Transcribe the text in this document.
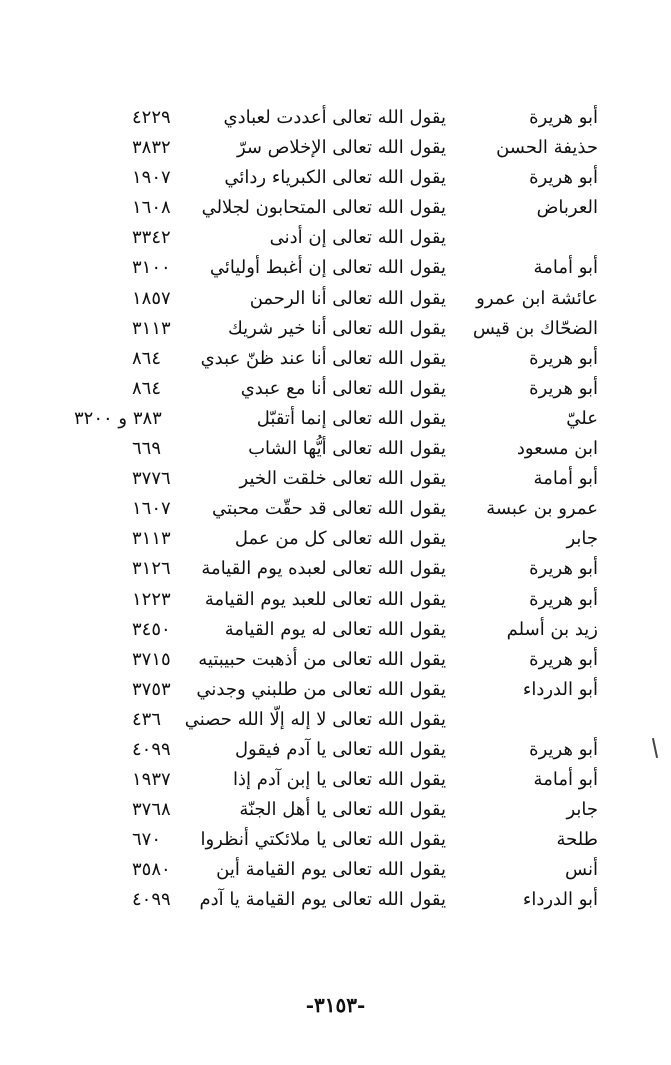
أبو هريرة
يقول الله تعالى أعددت لعبادي
٤٢٢٩
حذيفة الحسن
يقول الله تعالى الإخلاص سرّ
٣٨٣٢
أبو هريرة
يقول الله تعالى الكبرياء ردائي
١٩٠٧
العرباض
يقول الله تعالى المتحابون لجلالي
١٦٠٨
يقول الله تعالى إن أدنى
٣٣٤٢
أبو أمامة
يقول الله تعالى إن أغبط أوليائي
٣١٠٠
عائشة ابن عمرو
يقول الله تعالى أنا الرحمن
١٨٥٧
الضحّاك بن قيس
يقول الله تعالى أنا خير شريك
٣١١٣
أبو هريرة
يقول الله تعالى أنا عند ظنّ عبدي
٨٦٤
أبو هريرة
يقول الله تعالى أنا مع عبدي
٨٦٤
عليّ
يقول الله تعالى إنما أتقبّل
٣٨٣ و ٣٢٠٠
ابن مسعود
يقول الله تعالى أيُّها الشاب
٦٦٩
أبو أمامة
يقول الله تعالى خلقت الخير
٣٧٧٦
عمرو بن عبسة
يقول الله تعالى قد حقّت محبتي
١٦٠٧
جابر
يقول الله تعالى كل من عمل
٣١١٣
أبو هريرة
يقول الله تعالى لعبده يوم القيامة
٣١٢٦
أبو هريرة
يقول الله تعالى للعبد يوم القيامة
١٢٢٣
زيد بن أسلم
يقول الله تعالى له يوم القيامة
٣٤٥٠
أبو هريرة
يقول الله تعالى من أذهبت حبيبتيه
٣٧١٥
أبو الدرداء
يقول الله تعالى من طلبني وجدني
٣٧٥٣
يقول الله تعالى لا إله إلّا الله حصني
٤٣٦
أبو هريرة
يقول الله تعالى يا آدم فيقول
٤٠٩٩
أبو أمامة
يقول الله تعالى يا إبن آدم إذا
١٩٣٧
جابر
يقول الله تعالى يا أهل الجنّة
٣٧٦٨
طلحة
يقول الله تعالى يا ملائكتي أنظروا
٦٧٠
أنس
يقول الله تعالى يوم القيامة أين
٣٥٨٠
أبو الدرداء
يقول الله تعالى يوم القيامة يا آدم
٤٠٩٩
-٣١٥٣-
